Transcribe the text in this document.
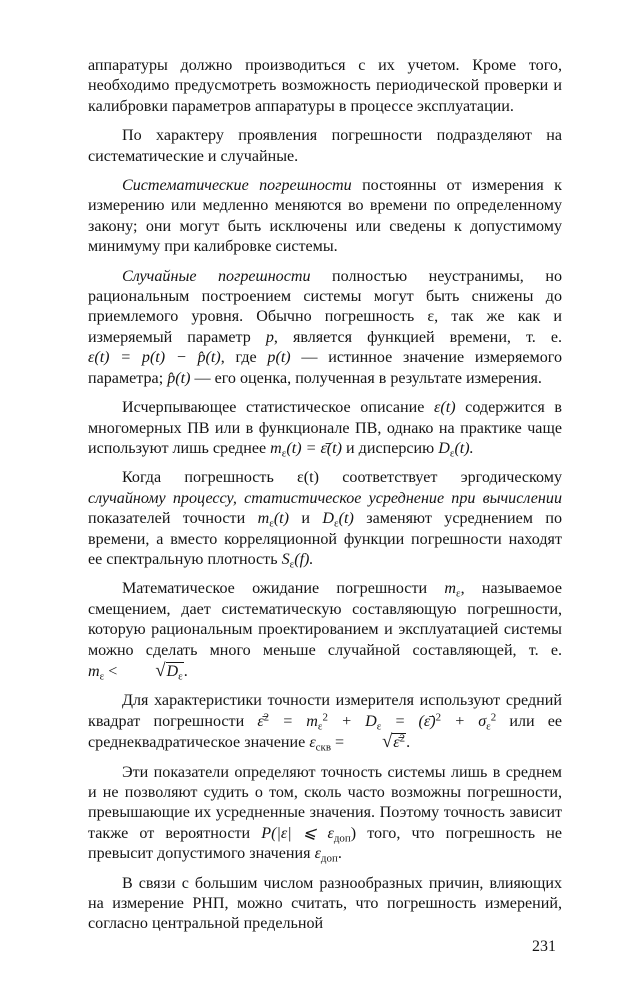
аппаратуры должно производиться с их учетом. Кроме того, необходимо предусмотреть возможность периодической проверки и калибровки параметров аппаратуры в процессе эксплуатации.

По характеру проявления погрешности подразделяют на систематические и случайные.

Систематические погрешности постоянны от измерения к измерению или медленно меняются во времени по определенному закону; они могут быть исключены или сведены к допустимому минимуму при калибровке системы.

Случайные погрешности полностью неустранимы, но рациональным построением системы могут быть снижены до приемлемого уровня. Обычно погрешность ε, так же как и измеряемый параметр p, является функцией времени, т. е. ε(t) = p(t) − p̂(t), где p(t) — истинное значение измеряемого параметра; p̂(t) — его оценка, полученная в результате измерения.

Исчерпывающее статистическое описание ε(t) содержится в многомерных ПВ или в функционале ПВ, однако на практике чаще используют лишь среднее $m_\varepsilon(t)$ = ε̄(t) и дисперсию $D_\varepsilon(t)$.

Когда погрешность ε(t) соответствует эргодическому случайному процессу, статистическое усреднение при вычислении показателей точности $m_\varepsilon(t)$ и $D_\varepsilon(t)$ заменяют усреднением по времени, а вместо корреляционной функции погрешности находят ее спектральную плотность $S_\varepsilon(f)$.

Математическое ожидание погрешности $m_\varepsilon$, называемое смещением, дает систематическую составляющую погрешности, которую рациональным проектированием и эксплуатацией системы можно сделать много меньше случайной составляющей, т. е. $m_\varepsilon < √D_\varepsilon$.

Для характеристики точности измерителя используют средний квадрат погрешности ε̄$^2$ = $m_\varepsilon^2 + D_\varepsilon$ = (ε̄)$^2$ + $\sigma_\varepsilon^2$ или ее среднеквадратическое значение $\varepsilon_{скв}$ = √ε̄$^2$.

Эти показатели определяют точность системы лишь в среднем и не позволяют судить о том, сколь часто возможны погрешности, превышающие их усредненные значения. Поэтому точность зависит также от вероятности P(|ε| ⩽ $\varepsilon_{доп}$) того, что погрешность не превысит допустимого значения $\varepsilon_{доп}$.

В связи с большим числом разнообразных причин, влияющих на измерение РНП, можно считать, что погрешность измерений, согласно центральной предельной

231
